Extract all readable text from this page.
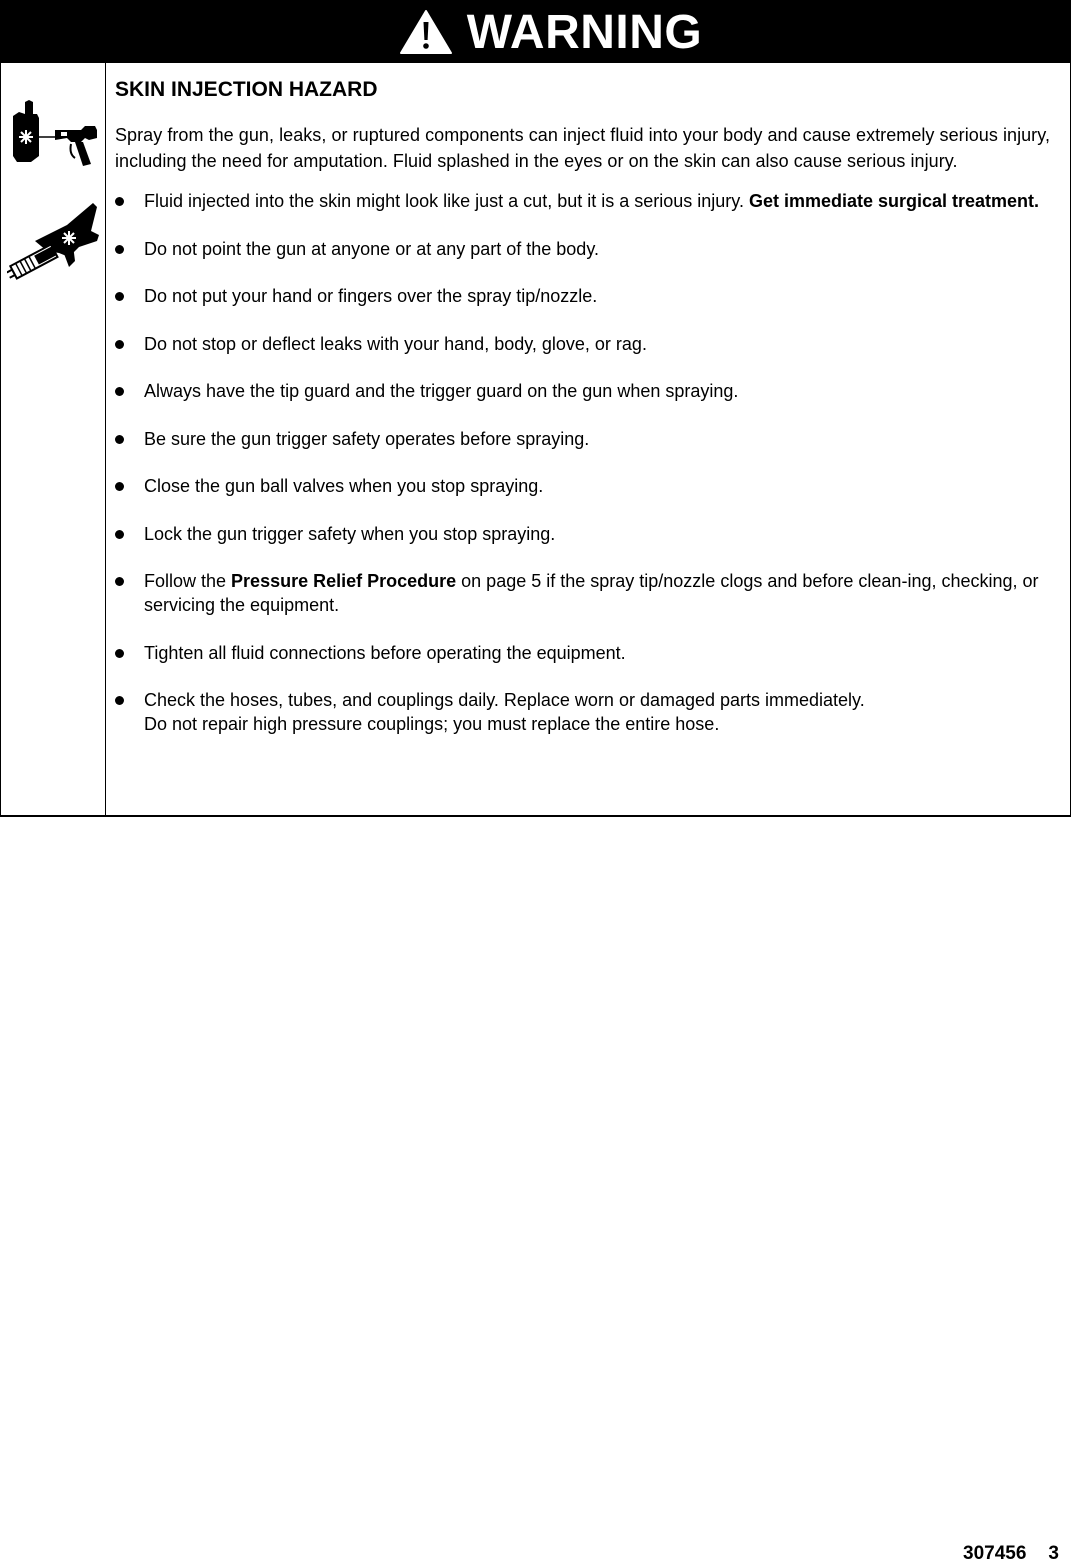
WARNING
SKIN INJECTION HAZARD

Spray from the gun, leaks, or ruptured components can inject fluid into your body and cause extremely serious injury, including the need for amputation. Fluid splashed in the eyes or on the skin can also cause serious injury.

Fluid injected into the skin might look like just a cut, but it is a serious injury. Get immediate surgical treatment.
Do not point the gun at anyone or at any part of the body.
Do not put your hand or fingers over the spray tip/nozzle.
Do not stop or deflect leaks with your hand, body, glove, or rag.
Always have the tip guard and the trigger guard on the gun when spraying.
Be sure the gun trigger safety operates before spraying.
Close the gun ball valves when you stop spraying.
Lock the gun trigger safety when you stop spraying.
Follow the Pressure Relief Procedure on page 5 if the spray tip/nozzle clogs and before clean-ing, checking, or servicing the equipment.
Tighten all fluid connections before operating the equipment.
Check the hoses, tubes, and couplings daily. Replace worn or damaged parts immediately.
Do not repair high pressure couplings; you must replace the entire hose.
307456 3
